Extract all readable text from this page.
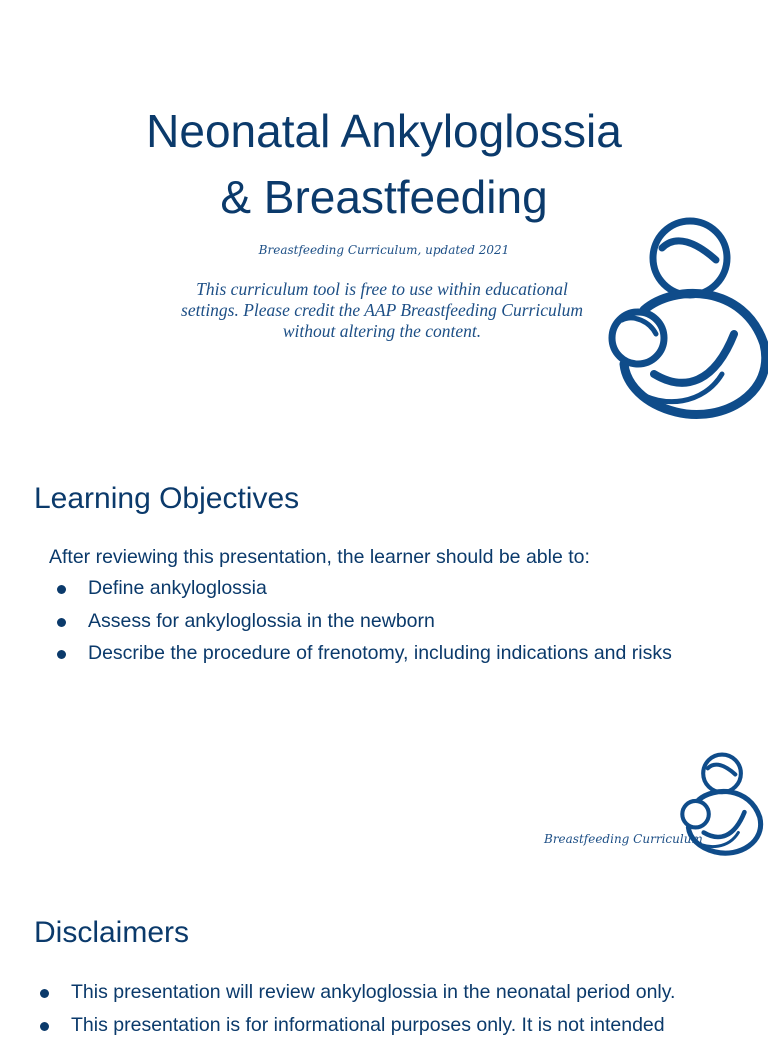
Neonatal Ankyloglossia
& Breastfeeding
Breastfeeding Curriculum, updated 2021
This curriculum tool is free to use within educational
settings. Please credit the AAP Breastfeeding Curriculum
without altering the content.
Learning Objectives
After reviewing this presentation, the learner should be able to:
Define ankyloglossia
Assess for ankyloglossia in the newborn
Describe the procedure of frenotomy, including indications and risks
Breastfeeding Curriculum
Disclaimers
This presentation will review ankyloglossia in the neonatal period only.
This presentation is for informational purposes only. It is not intended
